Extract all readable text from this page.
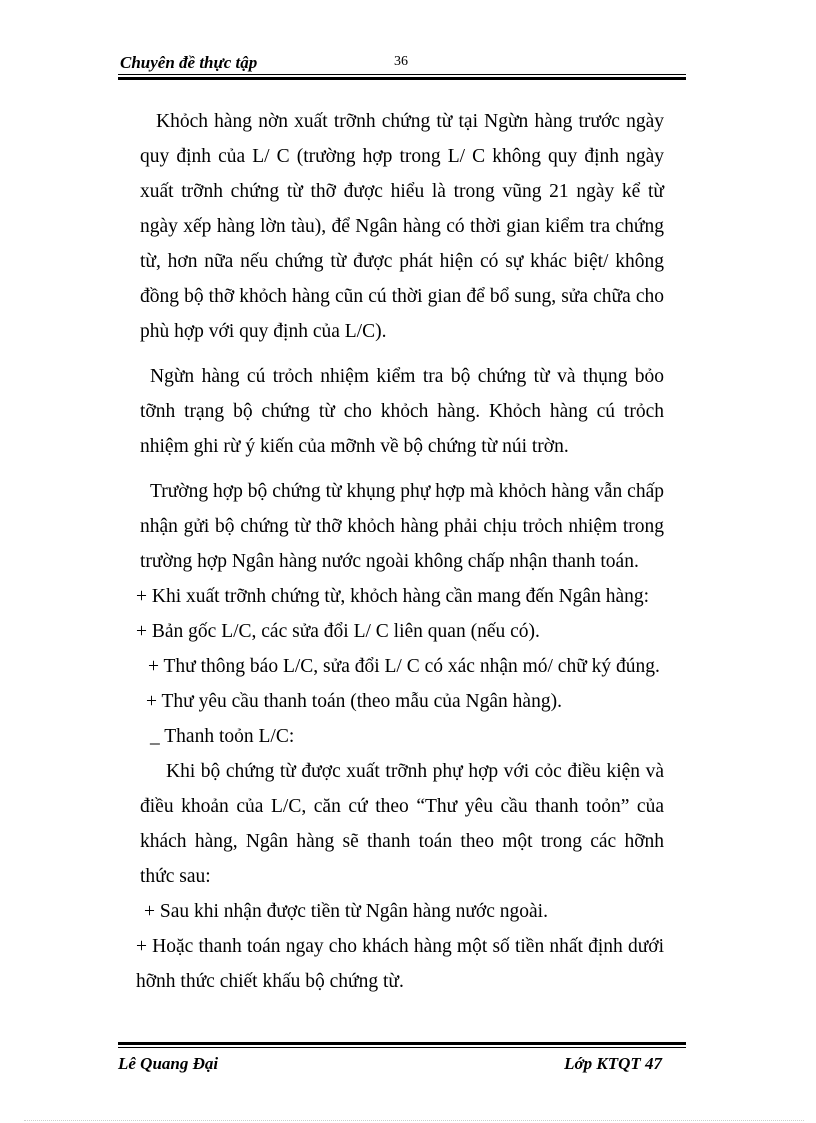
Chuyên đề thực tập	36

Khỏch hàng nờn xuất trỡnh chứng từ tại Ngừn hàng trước ngày quy định của L/ C (trường hợp trong L/ C không quy định ngày xuất trỡnh chứng từ thỡ được hiểu là trong vũng 21 ngày kể từ ngày xếp hàng lờn tàu), để Ngân hàng có thời gian kiểm tra chứng từ, hơn nữa nếu chứng từ được phát hiện có sự khác biệt/ không đồng bộ thỡ khỏch hàng cũn cú thời gian để bổ sung, sửa chữa cho phù hợp với quy định của L/C).

Ngừn hàng cú trỏch nhiệm kiểm tra bộ chứng từ và thụng bỏo tỡnh trạng bộ chứng từ cho khỏch hàng. Khỏch hàng cú trỏch nhiệm ghi rừ ý kiến của mỡnh về bộ chứng từ núi trờn.

Trường hợp bộ chứng từ khụng phự hợp mà khỏch hàng vẫn chấp nhận gửi bộ chứng từ thỡ khỏch hàng phải chịu trỏch nhiệm trong trường hợp Ngân hàng nước ngoài không chấp nhận thanh toán.

+ Khi xuất trỡnh chứng từ, khỏch hàng cần mang đến Ngân hàng:

+ Bản gốc L/C, các sửa đổi L/ C liên quan (nếu có).

+ Thư thông báo L/C, sửa đổi L/ C có xác nhận mó/ chữ ký đúng.

+ Thư yêu cầu thanh toán (theo mẫu của Ngân hàng).

_ Thanh toỏn L/C:

Khi bộ chứng từ được xuất trỡnh phự hợp với cỏc điều kiện và điều khoản của L/C, căn cứ theo “Thư yêu cầu thanh toỏn” của khách hàng, Ngân hàng sẽ thanh toán theo một trong các hỡnh thức sau:

+ Sau khi nhận được tiền từ Ngân hàng nước ngoài.

+ Hoặc thanh toán ngay cho khách hàng một số tiền nhất định dưới hỡnh thức chiết khấu bộ chứng từ.

Lê Quang Đại	Lớp KTQT 47
